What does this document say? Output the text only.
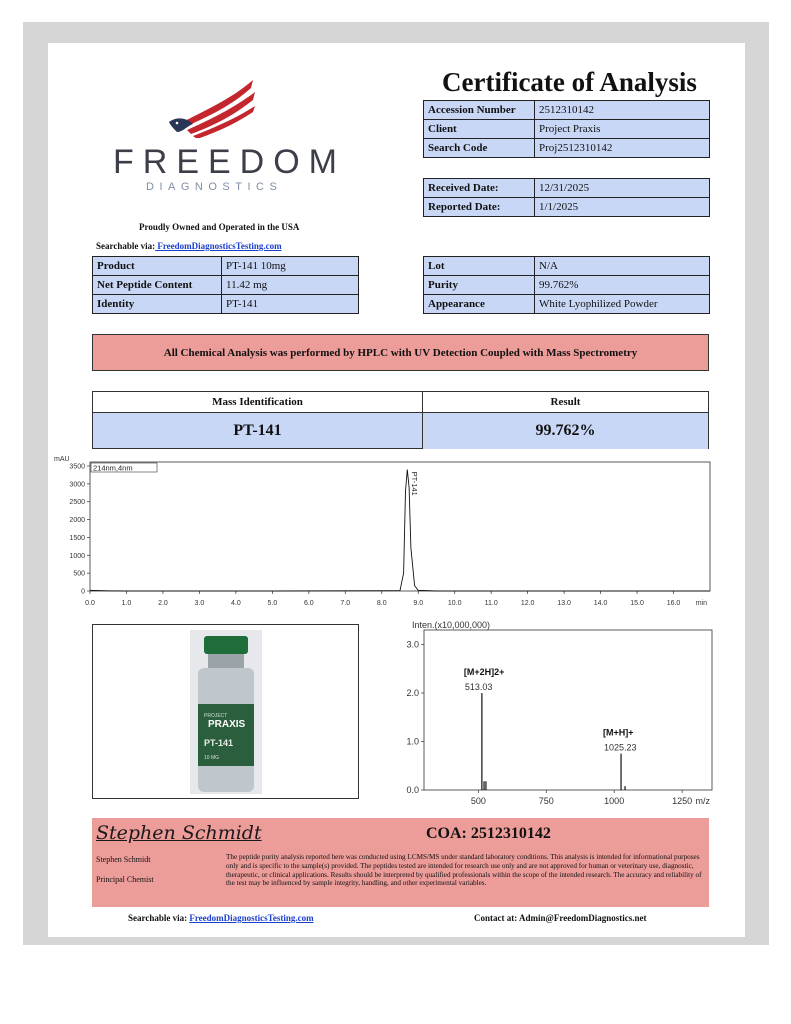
FREEDOM
DIAGNOSTICS
Proudly Owned and Operated in the USA
Searchable via: FreedomDiagnosticsTesting.com
Certificate of Analysis
Accession Number	2512310142
Client	Project Praxis
Search Code	Proj2512310142
Received Date:	12/31/2025
Reported Date:	1/1/2025
Product	PT-141 10mg
Net Peptide Content	11.42 mg
Identity	PT-141
Lot	N/A
Purity	99.762%
Appearance	White Lyophilized Powder
All Chemical Analysis was performed by HPLC with UV Detection Coupled with Mass Spectrometry
Mass Identification	Result
PT-141	99.762%
mAU
214nm,4nm
0
500
1000
1500
2000
2500
3000
3500
0.0	1.0	2.0	3.0	4.0	5.0	6.0	7.0	8.0	9.0	10.0	11.0	12.0	13.0	14.0	15.0	16.0 min
PT-141
PROJECT
PRAXIS
PT-141
10 MG
Inten.(x10,000,000)
0.0
1.0
2.0
3.0
500	750	1000	1250 m/z
[M+2H]2+
513.03
[M+H]+
1025.23
Stephen Schmidt	COA: 2512310142
Stephen Schmidt
Principal Chemist
The peptide purity analysis reported here was conducted using LCMS/MS under standard laboratory conditions. This analysis is intended for informational purposes only and is specific to the sample(s) provided. The peptides tested are intended for research use only and are not approved for human or veterinary use, diagnostic, therapeutic, or clinical applications. Results should be interpreted by qualified professionals within the scope of the intended research. The accuracy and reliability of the test may be influenced by sample integrity, handling, and other experimental variables.
Searchable via: FreedomDiagnosticsTesting.com	Contact at: Admin@FreedomDiagnostics.net
